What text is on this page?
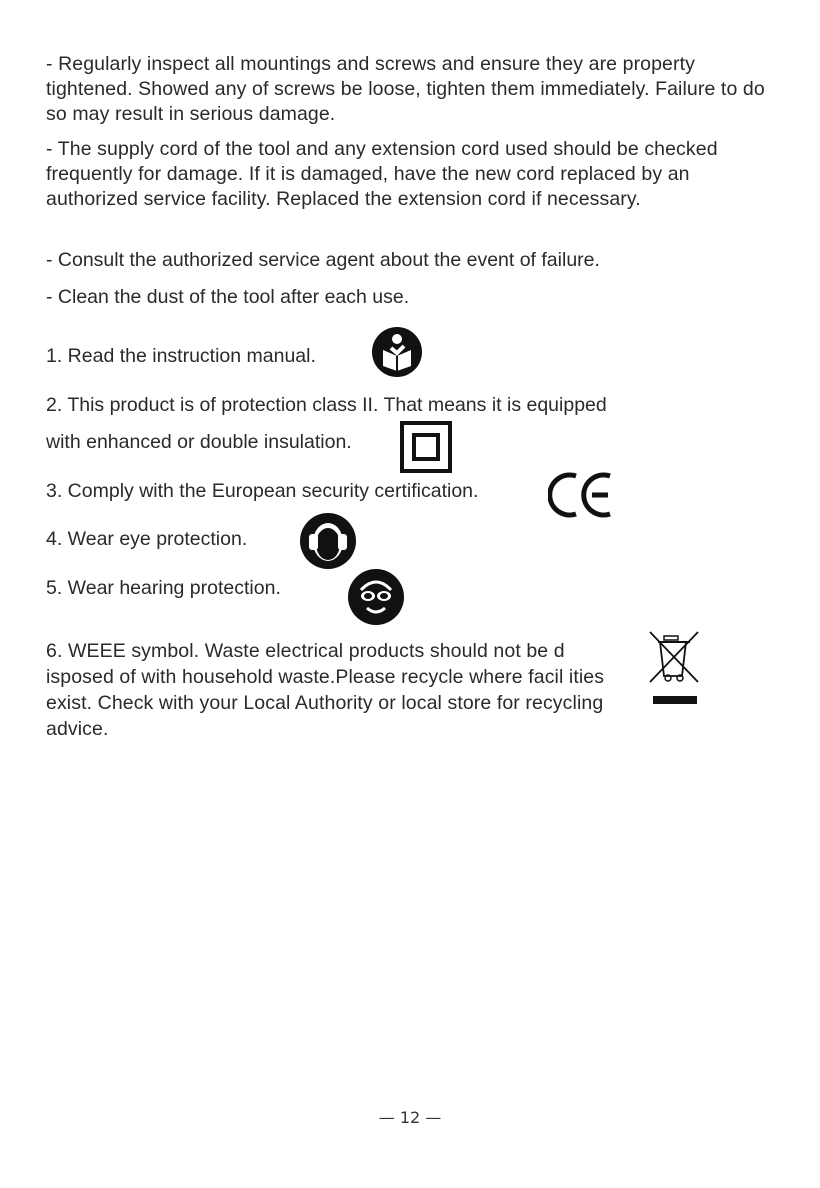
- Regularly inspect all mountings and screws and ensure they are property tightened. Showed any of screws be loose, tighten them immediately. Failure to do so may result in serious damage.

- The supply cord of the tool and any extension cord used should be checked frequently for damage. If it is damaged, have the new cord replaced by an authorized service facility. Replaced the extension cord if necessary.

- Consult the authorized service agent about the event of failure.

- Clean the dust of the tool after each use.

1. Read the instruction manual.

2. This product is of protection class II. That means it is equipped

with enhanced or double insulation.

3. Comply with the European security certification.

4. Wear eye protection.

5. Wear hearing protection.

6. WEEE symbol. Waste electrical products should not be d isposed of with household waste.Please recycle where facil ities exist. Check with your Local Authority or local store for recycling advice.

— 12 —
